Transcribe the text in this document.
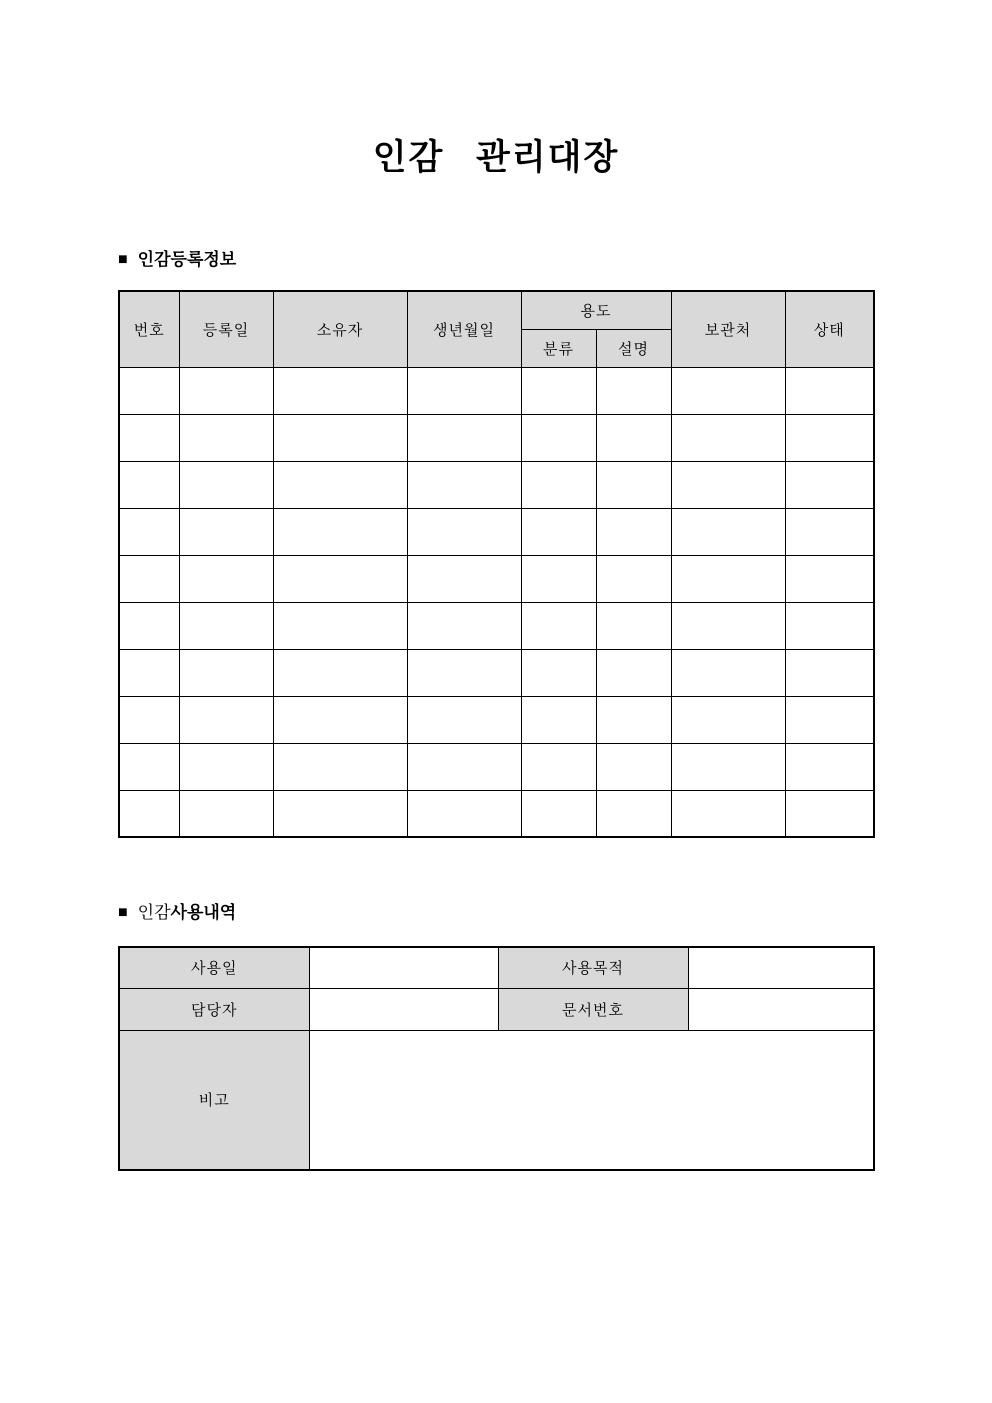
인감 관리대장
■ 인감등록정보
번호	등록일	소유자	생년월일	용도		보관처	상태
				분류	설명		

■ 인감 사용내역
사용일		사용목적	
담당자		문서번호	
비고			
